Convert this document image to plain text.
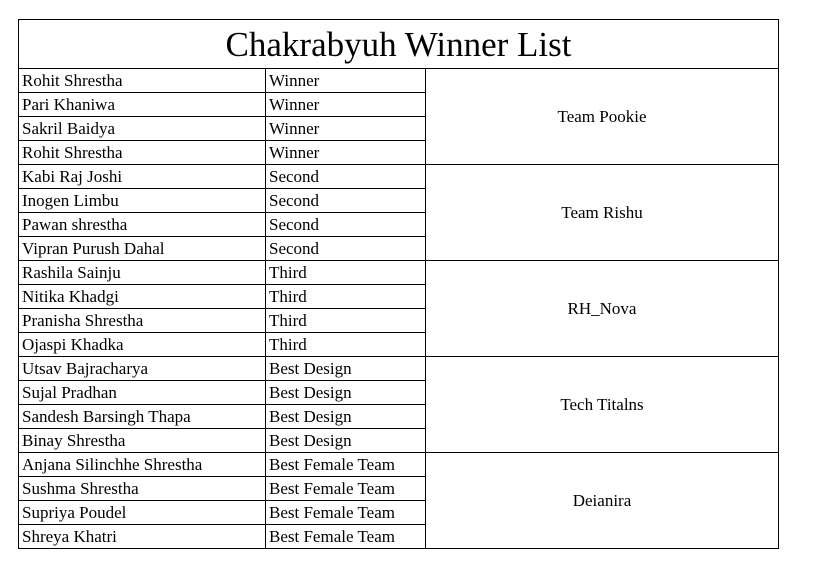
Chakrabyuh Winner List		
Rohit Shrestha	Winner	Team Pookie
Pari Khaniwa	Winner	
Sakril Baidya	Winner	
Rohit Shrestha	Winner	
Kabi Raj Joshi	Second	Team Rishu
Inogen Limbu	Second	
Pawan shrestha	Second	
Vipran Purush Dahal	Second	
Rashila Sainju	Third	RH_Nova
Nitika Khadgi	Third	
Pranisha Shrestha	Third	
Ojaspi Khadka	Third	
Utsav Bajracharya	Best Design	Tech Titalns
Sujal Pradhan	Best Design	
Sandesh Barsingh Thapa	Best Design	
Binay Shrestha	Best Design	
Anjana Silinchhe Shrestha	Best Female Team	Deianira
Sushma Shrestha	Best Female Team	
Supriya Poudel	Best Female Team	
Shreya Khatri	Best Female Team	
